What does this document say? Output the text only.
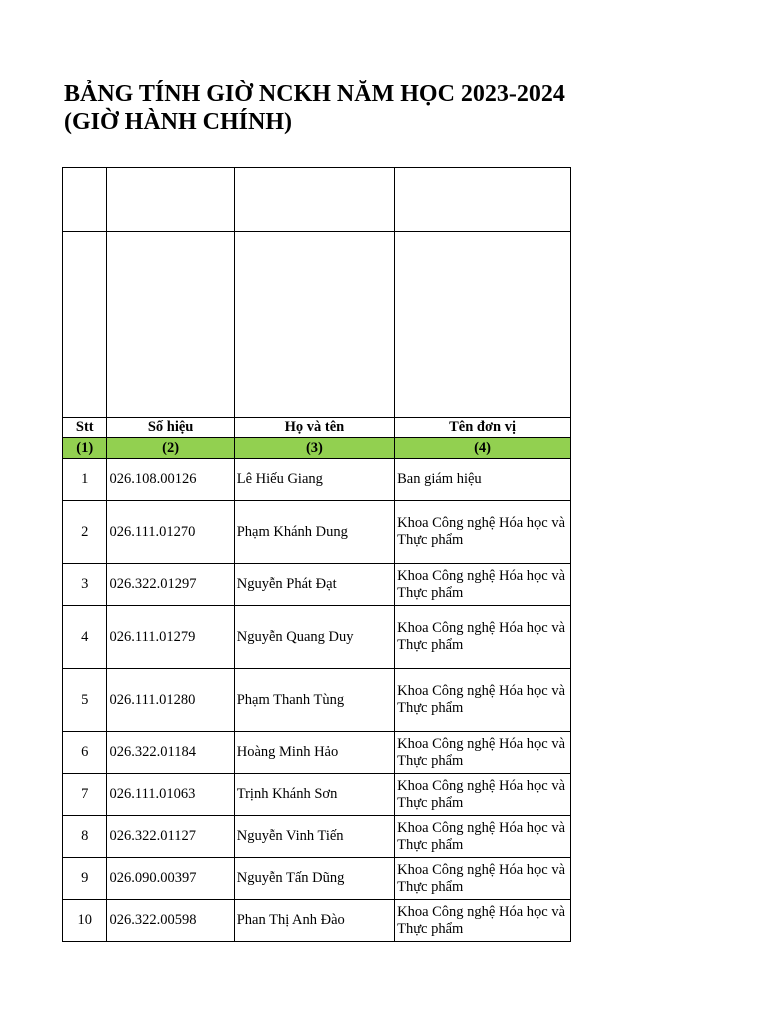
BẢNG TÍNH GIỜ NCKH NĂM HỌC 2023-2024
(GIỜ HÀNH CHÍNH)

Stt	Số hiệu	Họ và tên	Tên đơn vị
(1)	(2)	(3)	(4)
1	026.108.00126	Lê Hiếu Giang	Ban giám hiệu
2	026.111.01270	Phạm Khánh Dung	Khoa Công nghệ Hóa học và Thực phẩm
3	026.322.01297	Nguyễn Phát Đạt	Khoa Công nghệ Hóa học và Thực phẩm
4	026.111.01279	Nguyễn Quang Duy	Khoa Công nghệ Hóa học và Thực phẩm
5	026.111.01280	Phạm Thanh Tùng	Khoa Công nghệ Hóa học và Thực phẩm
6	026.322.01184	Hoàng Minh Hảo	Khoa Công nghệ Hóa học và Thực phẩm
7	026.111.01063	Trịnh Khánh Sơn	Khoa Công nghệ Hóa học và Thực phẩm
8	026.322.01127	Nguyễn Vinh Tiến	Khoa Công nghệ Hóa học và Thực phẩm
9	026.090.00397	Nguyễn Tấn Dũng	Khoa Công nghệ Hóa học và Thực phẩm
10	026.322.00598	Phan Thị Anh Đào	Khoa Công nghệ Hóa học và Thực phẩm
